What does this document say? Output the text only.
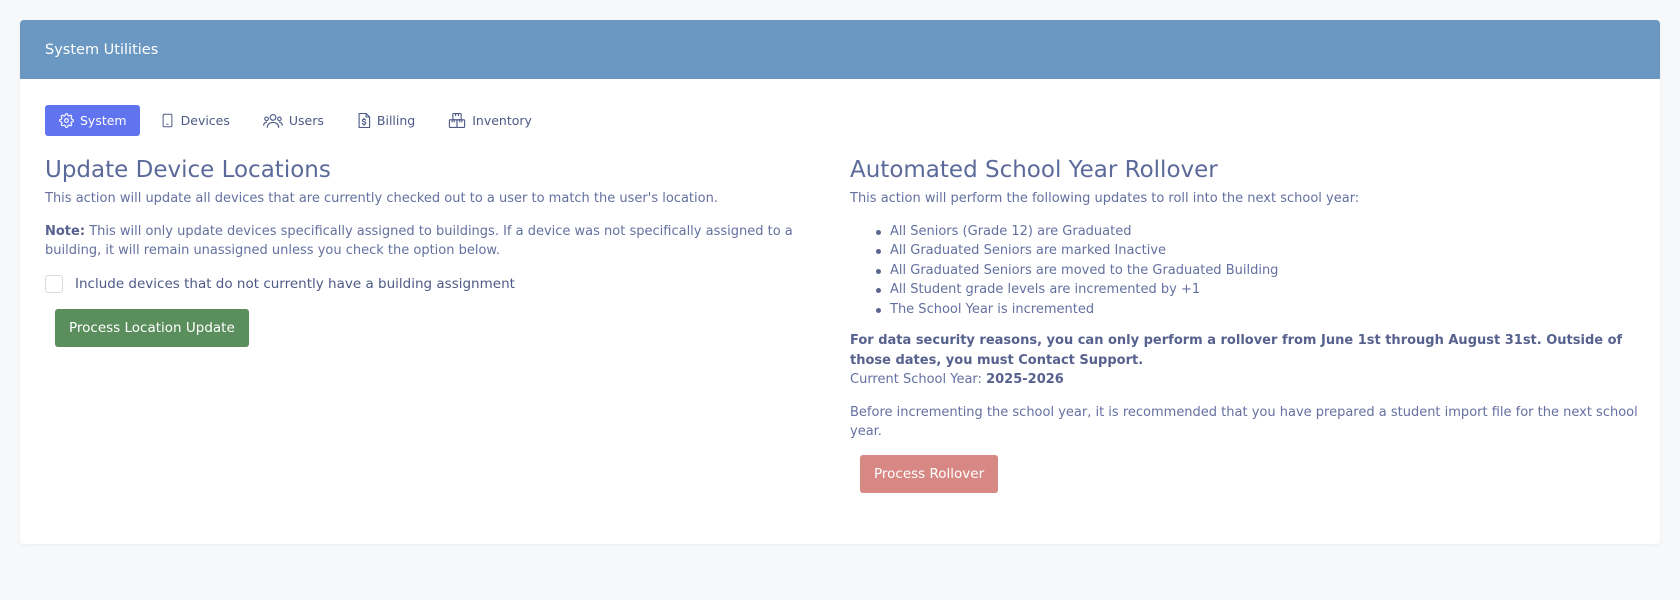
System Utilities
System	Devices	Users	Billing	Inventory
Update Device Locations

This action will update all devices that are currently checked out to a user to match the user's location.

Note: This will only update devices specifically assigned to buildings. If a device was not specifically assigned to a building, it will remain unassigned unless you check the option below.

Include devices that do not currently have a building assignment
Process Location Update
Automated School Year Rollover

This action will perform the following updates to roll into the next school year:

All Seniors (Grade 12) are Graduated
All Graduated Seniors are marked Inactive
All Graduated Seniors are moved to the Graduated Building
All Student grade levels are incremented by +1
The School Year is incremented

For data security reasons, you can only perform a rollover from June 1st through August 31st. Outside of those dates, you must Contact Support.

Current School Year: 2025-2026

Before incrementing the school year, it is recommended that you have prepared a student import file for the next school year.

Process Rollover
